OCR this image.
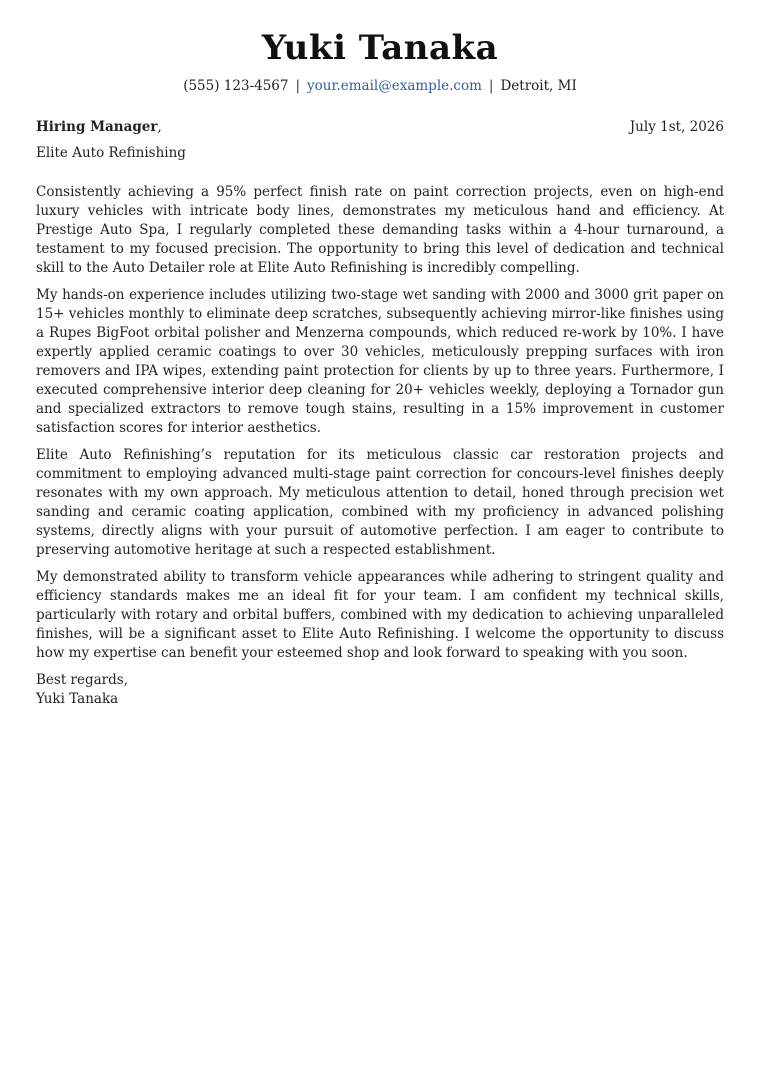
Yuki Tanaka
(555) 123-4567 | your.email@example.com | Detroit, MI
Hiring Manager,	July 1st, 2026
Elite Auto Refinishing

Consistently achieving a 95% perfect finish rate on paint correction projects, even on high-end luxury vehicles with intricate body lines, demonstrates my meticulous hand and efficiency. At Prestige Auto Spa, I regularly completed these demanding tasks within a 4-hour turnaround, a testament to my focused precision. The opportunity to bring this level of dedication and technical skill to the Auto Detailer role at Elite Auto Refinishing is incredibly compelling.

My hands-on experience includes utilizing two-stage wet sanding with 2000 and 3000 grit paper on 15+ vehicles monthly to eliminate deep scratches, subsequently achieving mirror-like finishes using a Rupes BigFoot orbital polisher and Menzerna compounds, which reduced re-work by 10%. I have expertly applied ceramic coatings to over 30 vehicles, meticulously prepping surfaces with iron removers and IPA wipes, extending paint protection for clients by up to three years. Furthermore, I executed comprehensive interior deep cleaning for 20+ vehicles weekly, deploying a Tornador gun and specialized extractors to remove tough stains, resulting in a 15% improvement in customer satisfaction scores for interior aesthetics.

Elite Auto Refinishing’s reputation for its meticulous classic car restoration projects and commitment to employing advanced multi-stage paint correction for concours-level finishes deeply resonates with my own approach. My meticulous attention to detail, honed through precision wet sanding and ceramic coating application, combined with my proficiency in advanced polishing systems, directly aligns with your pursuit of automotive perfection. I am eager to contribute to preserving automotive heritage at such a respected establishment.

My demonstrated ability to transform vehicle appearances while adhering to stringent quality and efficiency standards makes me an ideal fit for your team. I am confident my technical skills, particularly with rotary and orbital buffers, combined with my dedication to achieving unparalleled finishes, will be a significant asset to Elite Auto Refinishing. I welcome the opportunity to discuss how my expertise can benefit your esteemed shop and look forward to speaking with you soon.

Best regards,
Yuki Tanaka
